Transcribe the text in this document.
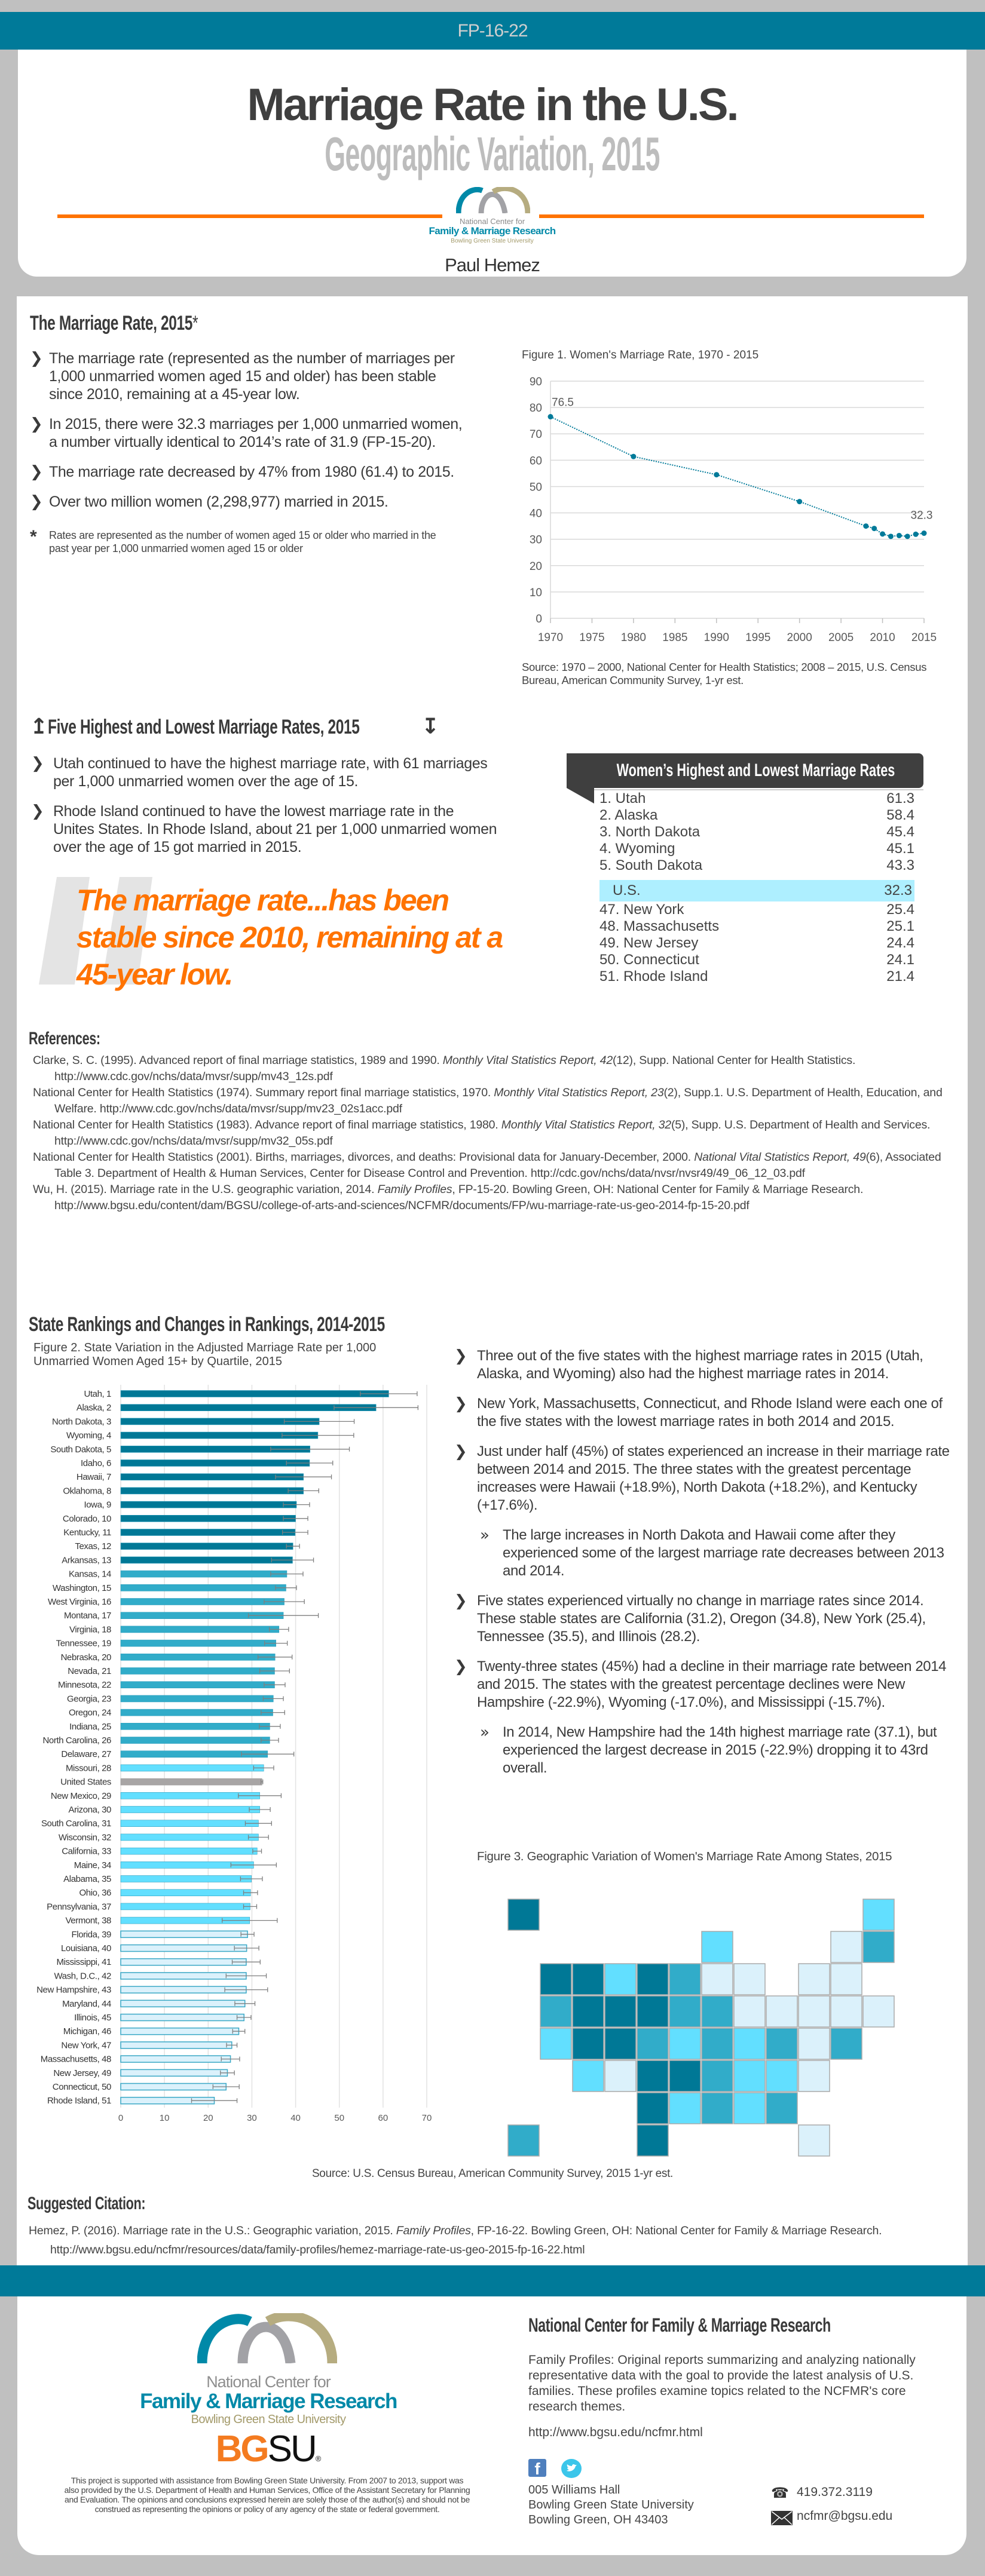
FP-16-22
Marriage Rate in the U.S.
Geographic Variation, 2015
National Center for
Family & Marriage Research
Bowling Green State University
Paul Hemez
The Marriage Rate, 2015*
❯ The marriage rate (represented as the number of marriages per 1,000 unmarried women aged 15 and older) has been stable since 2010, remaining at a 45-year low.
❯ In 2015, there were 32.3 marriages per 1,000 unmarried women, a number virtually identical to 2014’s rate of 31.9 (FP-15-20).
❯ The marriage rate decreased by 47% from 1980 (61.4) to 2015.
❯ Over two million women (2,298,977) married in 2015.
*	Rates are represented as the number of women aged 15 or older who married in the past year per 1,000 unmarried women aged 15 or older
Figure 1. Women's Marriage Rate, 1970 - 2015
0
10
20
30
40
50
60
70
80
90
1970 1975 1980 1985 1990 1995 2000 2005 2010 2015
76.5
32.3
Source: 1970 – 2000, National Center for Health Statistics; 2008 – 2015, U.S. Census Bureau, American Community Survey, 1-yr est.
↥ Five Highest and Lowest Marriage Rates, 2015	↧
❯ Utah continued to have the highest marriage rate, with 61 marriages per 1,000 unmarried women over the age of 15.
❯ Rhode Island continued to have the lowest marriage rate in the Unites States. In Rhode Island, about 21 per 1,000 unmarried women over the age of 15 got married in 2015.
The marriage rate...has been stable since 2010, remaining at a 45-year low.
Women’s Highest and Lowest Marriage Rates
1. Utah	61.3
2. Alaska	58.4
3. North Dakota	45.4
4. Wyoming	45.1
5. South Dakota	43.3
U.S.	32.3
47. New York	25.4
48. Massachusetts	25.1
49. New Jersey	24.4
50. Connecticut	24.1
51. Rhode Island	21.4
References:
Clarke, S. C. (1995). Advanced report of final marriage statistics, 1989 and 1990. Monthly Vital Statistics Report, 42(12), Supp. National Center for Health Statistics. http://www.cdc.gov/nchs/data/mvsr/supp/mv43_12s.pdf
National Center for Health Statistics (1974). Summary report final marriage statistics, 1970. Monthly Vital Statistics Report, 23(2), Supp.1. U.S. Department of Health, Education, and Welfare. http://www.cdc.gov/nchs/data/mvsr/supp/mv23_02s1acc.pdf
National Center for Health Statistics (1983). Advance report of final marriage statistics, 1980. Monthly Vital Statistics Report, 32(5), Supp. U.S. Department of Health and Services. http://www.cdc.gov/nchs/data/mvsr/supp/mv32_05s.pdf
National Center for Health Statistics (2001). Births, marriages, divorces, and deaths: Provisional data for January-December, 2000. National Vital Statistics Report, 49(6), Associated Table 3. Department of Health & Human Services, Center for Disease Control and Prevention. http://cdc.gov/nchs/data/nvsr/nvsr49/49_06_12_03.pdf
Wu, H. (2015). Marriage rate in the U.S. geographic variation, 2014. Family Profiles, FP-15-20. Bowling Green, OH: National Center for Family & Marriage Research. http://www.bgsu.edu/content/dam/BGSU/college-of-arts-and-sciences/NCFMR/documents/FP/wu-marriage-rate-us-geo-2014-fp-15-20.pdf
State Rankings and Changes in Rankings, 2014-2015
Figure 2. State Variation in the Adjusted Marriage Rate per 1,000 Unmarried Women Aged 15+ by Quartile, 2015
0	10	20	30	40	50	60	70
Utah, 1
Alaska, 2
North Dakota, 3
Wyoming, 4
South Dakota, 5
Idaho, 6
Hawaii, 7
Oklahoma, 8
Iowa, 9
Colorado, 10
Kentucky, 11
Texas, 12
Arkansas, 13
Kansas, 14
Washington, 15
West Virginia, 16
Montana, 17
Virginia, 18
Tennessee, 19
Nebraska, 20
Nevada, 21
Minnesota, 22
Georgia, 23
Oregon, 24
Indiana, 25
North Carolina, 26
Delaware, 27
Missouri, 28
United States
New Mexico, 29
Arizona, 30
South Carolina, 31
Wisconsin, 32
California, 33
Maine, 34
Alabama, 35
Ohio, 36
Pennsylvania, 37
Vermont, 38
Florida, 39
Louisiana, 40
Mississippi, 41
Wash, D.C., 42
New Hampshire, 43
Maryland, 44
Illinois, 45
Michigan, 46
New York, 47
Massachusetts, 48
New Jersey, 49
Connecticut, 50
Rhode Island, 51
❯ Three out of the five states with the highest marriage rates in 2015 (Utah, Alaska, and Wyoming) also had the highest marriage rates in 2014.
❯ New York, Massachusetts, Connecticut, and Rhode Island were each one of the five states with the lowest marriage rates in both 2014 and 2015.
❯ Just under half (45%) of states experienced an increase in their marriage rate between 2014 and 2015. The three states with the greatest percentage increases were Hawaii (+18.9%), North Dakota (+18.2%), and Kentucky (+17.6%).
» The large increases in North Dakota and Hawaii come after they experienced some of the largest marriage rate decreases between 2013 and 2014.
❯ Five states experienced virtually no change in marriage rates since 2014. These stable states are California (31.2), Oregon (34.8), New York (25.4), Tennessee (35.5), and Illinois (28.2).
❯ Twenty-three states (45%) had a decline in their marriage rate between 2014 and 2015. The states with the greatest percentage declines were New Hampshire (-22.9%), Wyoming (-17.0%), and Mississippi (-15.7%).
» In 2014, New Hampshire had the 14th highest marriage rate (37.1), but experienced the largest decrease in 2015 (-22.9%) dropping it to 43rd overall.
Figure 3. Geographic Variation of Women's Marriage Rate Among States, 2015
Source: U.S. Census Bureau, American Community Survey, 2015 1-yr est.
Suggested Citation:
Hemez, P. (2016). Marriage rate in the U.S.: Geographic variation, 2015. Family Profiles, FP-16-22. Bowling Green, OH: National Center for Family & Marriage Research. http://www.bgsu.edu/ncfmr/resources/data/family-profiles/hemez-marriage-rate-us-geo-2015-fp-16-22.html
National Center for
Family & Marriage Research
Bowling Green State University
BGSU®
This project is supported with assistance from Bowling Green State University. From 2007 to 2013, support was also provided by the U.S. Department of Health and Human Services, Office of the Assistant Secretary for Planning and Evaluation. The opinions and conclusions expressed herein are solely those of the author(s) and should not be construed as representing the opinions or policy of any agency of the state or federal government.
National Center for Family & Marriage Research
Family Profiles: Original reports summarizing and analyzing nationally representative data with the goal to provide the latest analysis of U.S. families. These profiles examine topics related to the NCFMR's core research themes.
http://www.bgsu.edu/ncfmr.html
f
005 Williams Hall
Bowling Green State University
Bowling Green, OH 43403
☎ 419.372.3119
ncfmr@bgsu.edu
